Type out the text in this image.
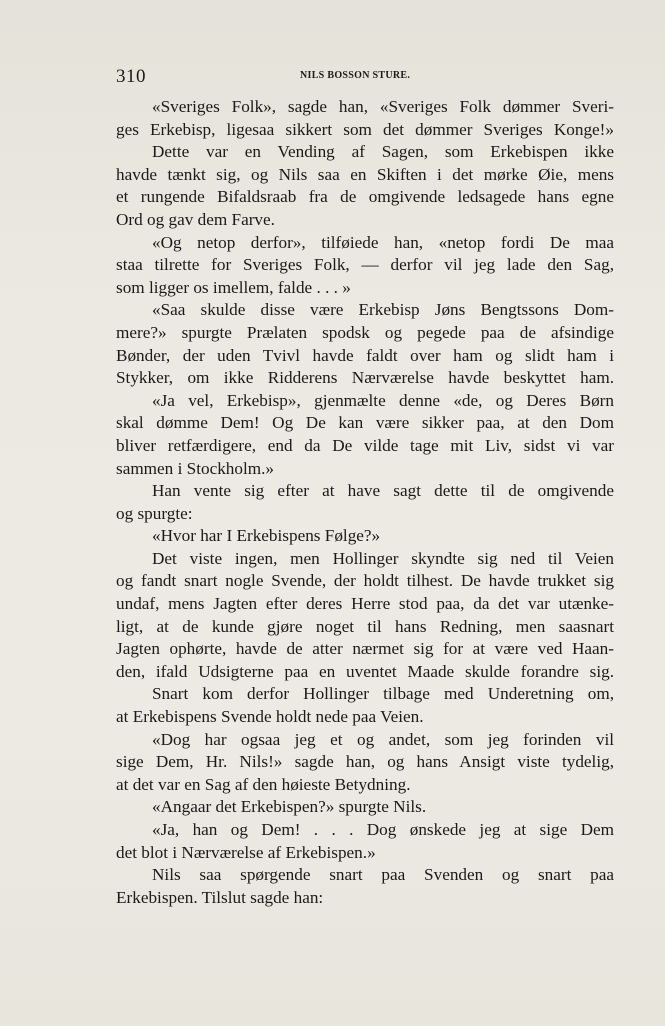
310	NILS BOSSON STURE.
«Sveriges Folk», sagde han, «Sveriges Folk dømmer Sveri-
ges Erkebisp, ligesaa sikkert som det dømmer Sveriges Konge!»
Dette var en Vending af Sagen, som Erkebispen ikke
havde tænkt sig, og Nils saa en Skiften i det mørke Øie, mens
et rungende Bifaldsraab fra de omgivende ledsagede hans egne
Ord og gav dem Farve.
«Og netop derfor», tilføiede han, «netop fordi De maa
staa tilrette for Sveriges Folk, — derfor vil jeg lade den Sag,
som ligger os imellem, falde . . . »
«Saa skulde disse være Erkebisp Jøns Bengtssons Dom-
mere?» spurgte Prælaten spodsk og pegede paa de afsindige
Bønder, der uden Tvivl havde faldt over ham og slidt ham i
Stykker, om ikke Ridderens Nærværelse havde beskyttet ham.
«Ja vel, Erkebisp», gjenmælte denne «de, og Deres Børn
skal dømme Dem! Og De kan være sikker paa, at den Dom
bliver retfærdigere, end da De vilde tage mit Liv, sidst vi var
sammen i Stockholm.»
Han vente sig efter at have sagt dette til de omgivende
og spurgte:
«Hvor har I Erkebispens Følge?»
Det viste ingen, men Hollinger skyndte sig ned til Veien
og fandt snart nogle Svende, der holdt tilhest. De havde trukket sig
undaf, mens Jagten efter deres Herre stod paa, da det var utænke-
ligt, at de kunde gjøre noget til hans Redning, men saasnart
Jagten ophørte, havde de atter nærmet sig for at være ved Haan-
den, ifald Udsigterne paa en uventet Maade skulde forandre sig.
Snart kom derfor Hollinger tilbage med Underetning om,
at Erkebispens Svende holdt nede paa Veien.
«Dog har ogsaa jeg et og andet, som jeg forinden vil
sige Dem, Hr. Nils!» sagde han, og hans Ansigt viste tydelig,
at det var en Sag af den høieste Betydning.
«Angaar det Erkebispen?» spurgte Nils.
«Ja, han og Dem! . . . Dog ønskede jeg at sige Dem
det blot i Nærværelse af Erkebispen.»
Nils saa spørgende snart paa Svenden og snart paa
Erkebispen. Tilslut sagde han:
